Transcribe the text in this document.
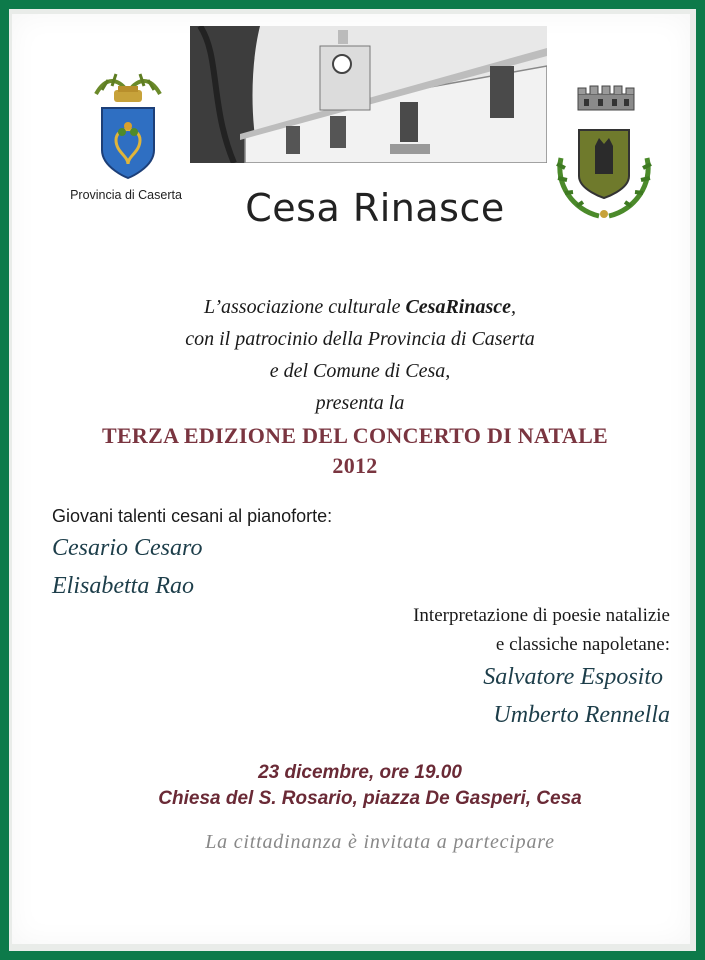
Provincia di Caserta	Cesa Rinasce
L’associazione culturale CesaRinasce,
con il patrocinio della Provincia di Caserta
e del Comune di Cesa,
presenta la
TERZA EDIZIONE DEL CONCERTO DI NATALE
2012
Giovani talenti cesani al pianoforte:
Cesario Cesaro
Elisabetta Rao
Interpretazione di poesie natalizie
e classiche napoletane:
Salvatore Esposito
Umberto Rennella
23 dicembre, ore 19.00
Chiesa del S. Rosario, piazza De Gasperi, Cesa
La cittadinanza è invitata a partecipare
